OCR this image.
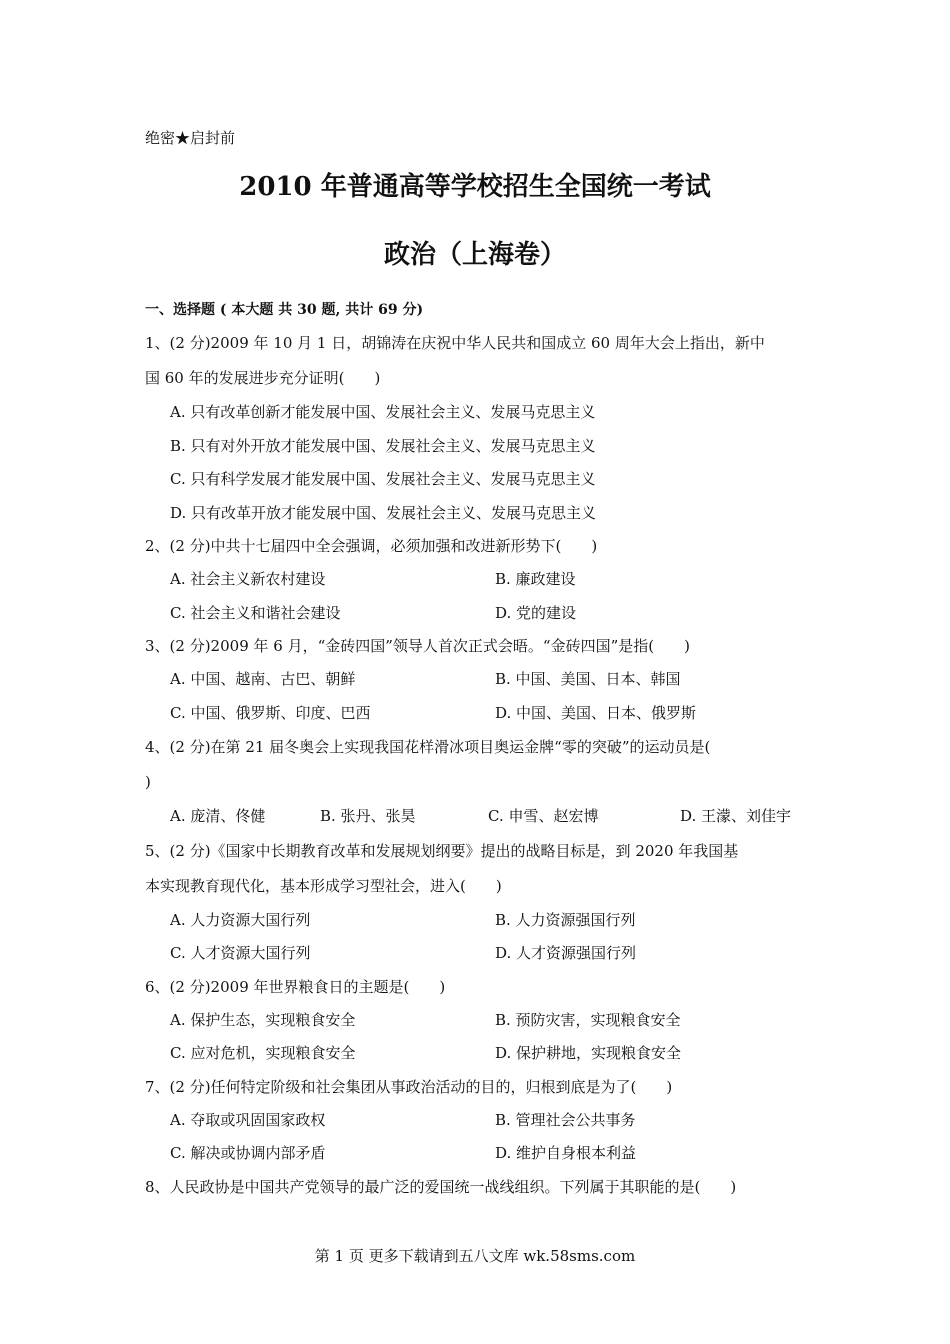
绝密★启封前
2010 年普通高等学校招生全国统一考试
政治（上海卷）
一、选择题 ( 本大题 共 30 题, 共计 69 分)
1、(2 分)2009 年 10 月 1 日，胡锦涛在庆祝中华人民共和国成立 60 周年大会上指出，新中
国 60 年的发展进步充分证明(　　)
A. 只有改革创新才能发展中国、发展社会主义、发展马克思主义
B. 只有对外开放才能发展中国、发展社会主义、发展马克思主义
C. 只有科学发展才能发展中国、发展社会主义、发展马克思主义
D. 只有改革开放才能发展中国、发展社会主义、发展马克思主义
2、(2 分)中共十七届四中全会强调，必须加强和改进新形势下(　　)
A. 社会主义新农村建设	B. 廉政建设
C. 社会主义和谐社会建设	D. 党的建设
3、(2 分)2009 年 6 月，“金砖四国”领导人首次正式会晤。“金砖四国”是指(　　)
A. 中国、越南、古巴、朝鲜	B. 中国、美国、日本、韩国
C. 中国、俄罗斯、印度、巴西	D. 中国、美国、日本、俄罗斯
4、(2 分)在第 21 届冬奥会上实现我国花样滑冰项目奥运金牌“零的突破”的运动员是(
)
A. 庞清、佟健	B. 张丹、张昊	C. 申雪、赵宏博	D. 王濛、刘佳宇
5、(2 分)《国家中长期教育改革和发展规划纲要》提出的战略目标是，到 2020 年我国基
本实现教育现代化，基本形成学习型社会，进入(　　)
A. 人力资源大国行列	B. 人力资源强国行列
C. 人才资源大国行列	D. 人才资源强国行列
6、(2 分)2009 年世界粮食日的主题是(　　)
A. 保护生态，实现粮食安全	B. 预防灾害，实现粮食安全
C. 应对危机，实现粮食安全	D. 保护耕地，实现粮食安全
7、(2 分)任何特定阶级和社会集团从事政治活动的目的，归根到底是为了(　　)
A. 夺取或巩固国家政权	B. 管理社会公共事务
C. 解决或协调内部矛盾	D. 维护自身根本利益
8、人民政协是中国共产党领导的最广泛的爱国统一战线组织。下列属于其职能的是(　　)
第 1 页 更多下载请到五八文库 wk.58sms.com
